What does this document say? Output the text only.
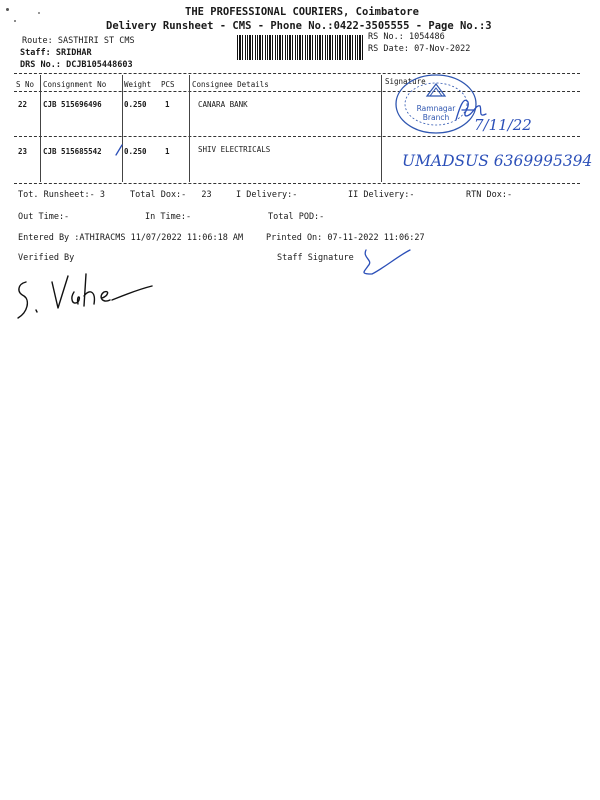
THE PROFESSIONAL COURIERS, Coimbatore
Delivery Runsheet - CMS - Phone No.:0422-3505555 - Page No.:3
Route: SASTHIRI ST CMS
Staff: SRIDHAR
DRS No.: DCJB105448603
RS No.: 1054486
RS Date: 07-Nov-2022
S No Consignment No Weight PCS Consignee Details	Signature
22 CJB 515696496	0.250 1	CANARA BANK
23 CJB 515685542	0.250 1	SHIV ELECTRICALS
Ramnagar
Branch 7/11/22
UMADSUS 6369995394
Tot. Runsheet:- 3	Total Dox:- 23	I Delivery:-	II Delivery:-	RTN Dox:-
Out Time:-	In Time:-	Total POD:-
Entered By :ATHIRACMS 11/07/2022 11:06:18 AM	Printed On: 07-11-2022 11:06:27
Verified By	Staff Signature
